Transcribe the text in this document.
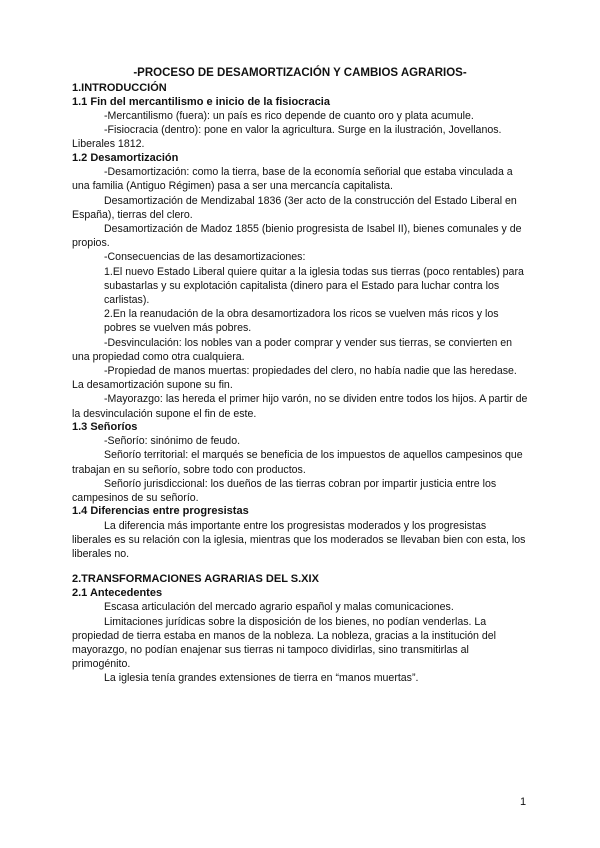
-PROCESO DE DESAMORTIZACIÓN Y CAMBIOS AGRARIOS-

1.INTRODUCCIÓN

1.1 Fin del mercantilismo e inicio de la fisiocracia

-Mercantilismo (fuera): un país es rico depende de cuanto oro y plata acumule.

-Fisiocracia (dentro): pone en valor la agricultura. Surge en la ilustración, Jovellanos. Liberales 1812.

1.2 Desamortización

-Desamortización: como la tierra, base de la economía señorial que estaba vinculada a una familia (Antiguo Régimen) pasa a ser una mercancía capitalista.

Desamortización de Mendizabal 1836 (3er acto de la construcción del Estado Liberal en España), tierras del clero.

Desamortización de Madoz 1855 (bienio progresista de Isabel II), bienes comunales y de propios.

-Consecuencias de las desamortizaciones:

1.El nuevo Estado Liberal quiere quitar a la iglesia todas sus tierras (poco rentables) para subastarlas y su explotación capitalista (dinero para el Estado para luchar contra los carlistas).

2.En la reanudación de la obra desamortizadora los ricos se vuelven más ricos y los pobres se vuelven más pobres.

-Desvinculación: los nobles van a poder comprar y vender sus tierras, se convierten en una propiedad como otra cualquiera.

-Propiedad de manos muertas: propiedades del clero, no había nadie que las heredase. La desamortización supone su fin.

-Mayorazgo: las hereda el primer hijo varón, no se dividen entre todos los hijos. A partir de la desvinculación supone el fin de este.

1.3 Señoríos

-Señorío: sinónimo de feudo.

Señorío territorial: el marqués se beneficia de los impuestos de aquellos campesinos que trabajan en su señorío, sobre todo con productos.

Señorío jurisdiccional: los dueños de las tierras cobran por impartir justicia entre los campesinos de su señorío.

1.4 Diferencias entre progresistas

La diferencia más importante entre los progresistas moderados y los progresistas liberales es su relación con la iglesia, mientras que los moderados se llevaban bien con esta, los liberales no.

2.TRANSFORMACIONES AGRARIAS DEL S.XIX

2.1 Antecedentes

Escasa articulación del mercado agrario español y malas comunicaciones.

Limitaciones jurídicas sobre la disposición de los bienes, no podían venderlas. La propiedad de tierra estaba en manos de la nobleza. La nobleza, gracias a la institución del mayorazgo, no podían enajenar sus tierras ni tampoco dividirlas, sino transmitirlas al primogénito.

La iglesia tenía grandes extensiones de tierra en “manos muertas”.

1
